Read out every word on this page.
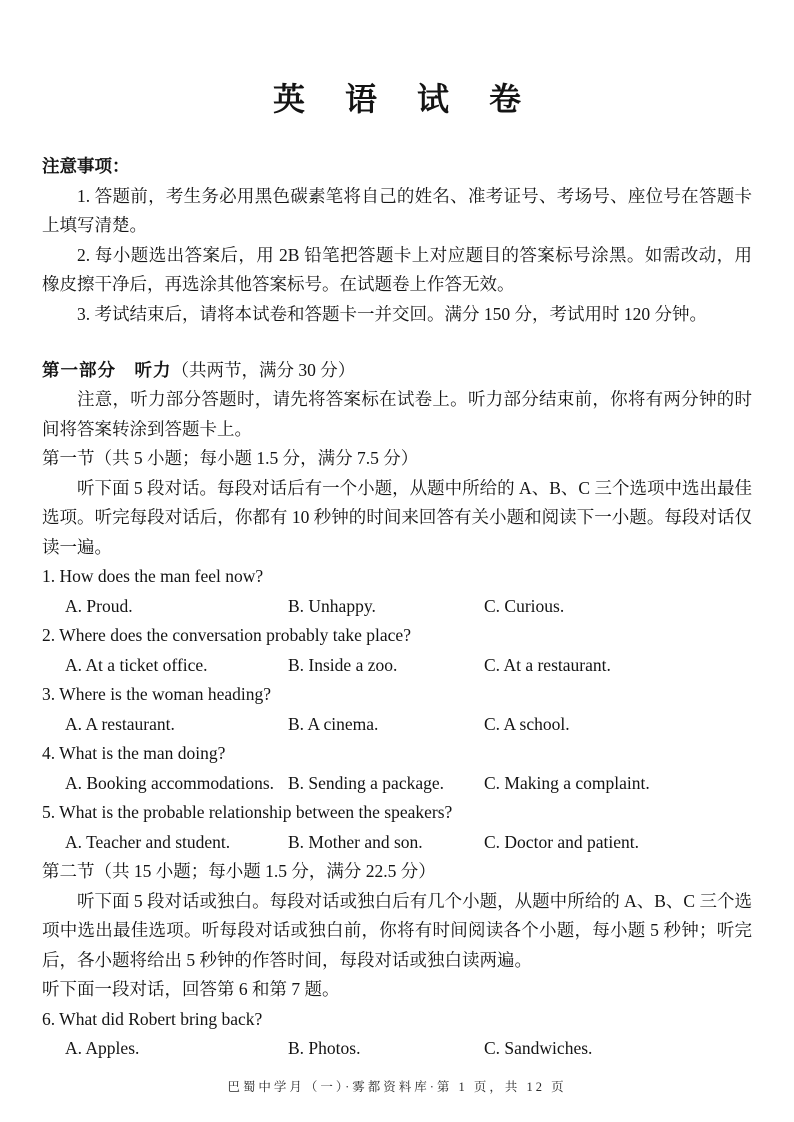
英 语 试 卷
注意事项：

1. 答题前，考生务必用黑色碳素笔将自己的姓名、准考证号、考场号、座位号在答题卡上填写清楚。

2. 每小题选出答案后，用 2B 铅笔把答题卡上对应题目的答案标号涂黑。如需改动，用橡皮擦干净后，再选涂其他答案标号。在试题卷上作答无效。

3. 考试结束后，请将本试卷和答题卡一并交回。满分 150 分，考试用时 120 分钟。

第一部分　听力（共两节，满分 30 分）

注意，听力部分答题时，请先将答案标在试卷上。听力部分结束前，你将有两分钟的时间将答案转涂到答题卡上。

第一节（共 5 小题；每小题 1.5 分，满分 7.5 分）

听下面 5 段对话。每段对话后有一个小题，从题中所给的 A、B、C 三个选项中选出最佳选项。听完每段对话后，你都有 10 秒钟的时间来回答有关小题和阅读下一小题。每段对话仅读一遍。

1. How does the man feel now?
A. Proud.	B. Unhappy.	C. Curious.
2. Where does the conversation probably take place?
A. At a ticket office.	B. Inside a zoo.	C. At a restaurant.
3. Where is the woman heading?
A. A restaurant.	B. A cinema.	C. A school.
4. What is the man doing?
A. Booking accommodations. B. Sending a package.	C. Making a complaint.
5. What is the probable relationship between the speakers?
A. Teacher and student.	B. Mother and son.	C. Doctor and patient.
第二节（共 15 小题；每小题 1.5 分，满分 22.5 分）

听下面 5 段对话或独白。每段对话或独白后有几个小题，从题中所给的 A、B、C 三个选项中选出最佳选项。听每段对话或独白前，你将有时间阅读各个小题，每小题 5 秒钟；听完后，各小题将给出 5 秒钟的作答时间，每段对话或独白读两遍。

听下面一段对话，回答第 6 和第 7 题。
6. What did Robert bring back?
A. Apples.	B. Photos.	C. Sandwiches.
巴蜀中学月（一）·雾都资料库·第 1 页，共 12 页
